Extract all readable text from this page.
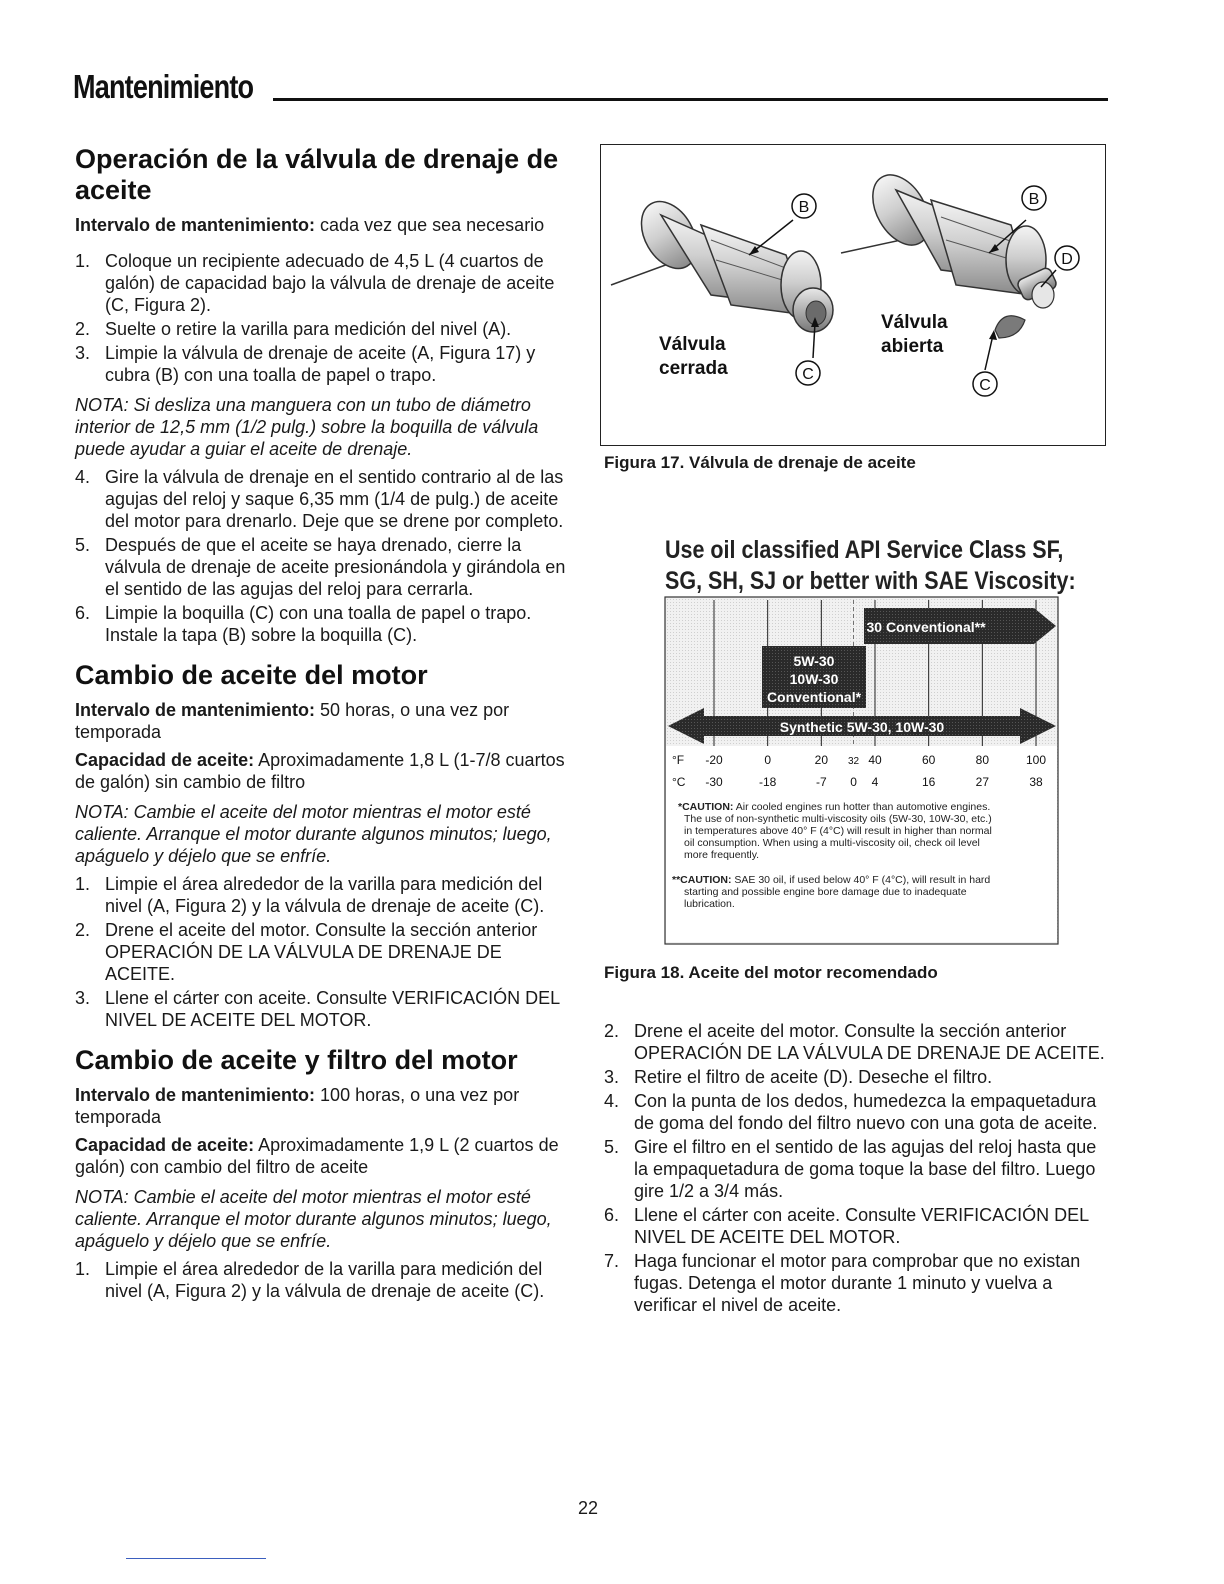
Mantenimiento
Operación de la válvula de drenaje de aceite

Intervalo de mantenimiento: cada vez que sea necesario

1. Coloque un recipiente adecuado de 4,5 L (4 cuartos de galón) de capacidad bajo la válvula de drenaje de aceite (C, Figura 2).
2. Suelte o retire la varilla para medición del nivel (A).
3. Limpie la válvula de drenaje de aceite (A, Figura 17) y cubra (B) con una toalla de papel o trapo.

NOTA: Si desliza una manguera con un tubo de diámetro interior de 12,5 mm (1/2 pulg.) sobre la boquilla de válvula puede ayudar a guiar el aceite de drenaje.

4. Gire la válvula de drenaje en el sentido contrario al de las agujas del reloj y saque 6,35 mm (1/4 de pulg.) de aceite del motor para drenarlo. Deje que se drene por completo.
5. Después de que el aceite se haya drenado, cierre la válvula de drenaje de aceite presionándola y girándola en el sentido de las agujas del reloj para cerrarla.
6. Limpie la boquilla (C) con una toalla de papel o trapo. Instale la tapa (B) sobre la boquilla (C).
Cambio de aceite del motor

Intervalo de mantenimiento: 50 horas, o una vez por temporada

Capacidad de aceite: Aproximadamente 1,8 L (1-7/8 cuartos de galón) sin cambio de filtro

NOTA: Cambie el aceite del motor mientras el motor esté caliente. Arranque el motor durante algunos minutos; luego, apáguelo y déjelo que se enfríe.

1. Limpie el área alrededor de la varilla para medición del nivel (A, Figura 2) y la válvula de drenaje de aceite (C).
2. Drene el aceite del motor. Consulte la sección anterior OPERACIÓN DE LA VÁLVULA DE DRENAJE DE ACEITE.
3. Llene el cárter con aceite. Consulte VERIFICACIÓN DEL NIVEL DE ACEITE DEL MOTOR.
Cambio de aceite y filtro del motor

Intervalo de mantenimiento: 100 horas, o una vez por temporada

Capacidad de aceite: Aproximadamente 1,9 L (2 cuartos de galón) con cambio del filtro de aceite

NOTA: Cambie el aceite del motor mientras el motor esté caliente. Arranque el motor durante algunos minutos; luego, apáguelo y déjelo que se enfríe.

1. Limpie el área alrededor de la varilla para medición del nivel (A, Figura 2) y la válvula de drenaje de aceite (C).
B	B
D
C
C
Válvula
cerrada
Válvula
abierta
Figura 17. Válvula de drenaje de aceite
Use oil classified API Service Class SF,
SG, SH, SJ or better with SAE Viscosity:
30 Conventional**
5W-30
10W-30
Conventional*
Synthetic 5W-30, 10W-30
°F
°C
-20	0	20 32 40	60	80	100
-30	-18	-7 0 4	16	27	38
*CAUTION: Air cooled engines run hotter than automotive engines.
The use of non-synthetic multi-viscosity oils (5W-30, 10W-30, etc.)
in temperatures above 40° F (4°C) will result in higher than normal
oil consumption. When using a multi-viscosity oil, check oil level
more frequently.
**CAUTION: SAE 30 oil, if used below 40° F (4°C), will result in hard
starting and possible engine bore damage due to inadequate
lubrication.
Figura 18. Aceite del motor recomendado
2. Drene el aceite del motor. Consulte la sección anterior OPERACIÓN DE LA VÁLVULA DE DRENAJE DE ACEITE.
3. Retire el filtro de aceite (D). Deseche el filtro.
4. Con la punta de los dedos, humedezca la empaquetadura de goma del fondo del filtro nuevo con una gota de aceite.
5. Gire el filtro en el sentido de las agujas del reloj hasta que la empaquetadura de goma toque la base del filtro. Luego gire 1/2 a 3/4 más.
6. Llene el cárter con aceite. Consulte VERIFICACIÓN DEL NIVEL DE ACEITE DEL MOTOR.
7. Haga funcionar el motor para comprobar que no existan fugas. Detenga el motor durante 1 minuto y vuelva a verificar el nivel de aceite.
22
